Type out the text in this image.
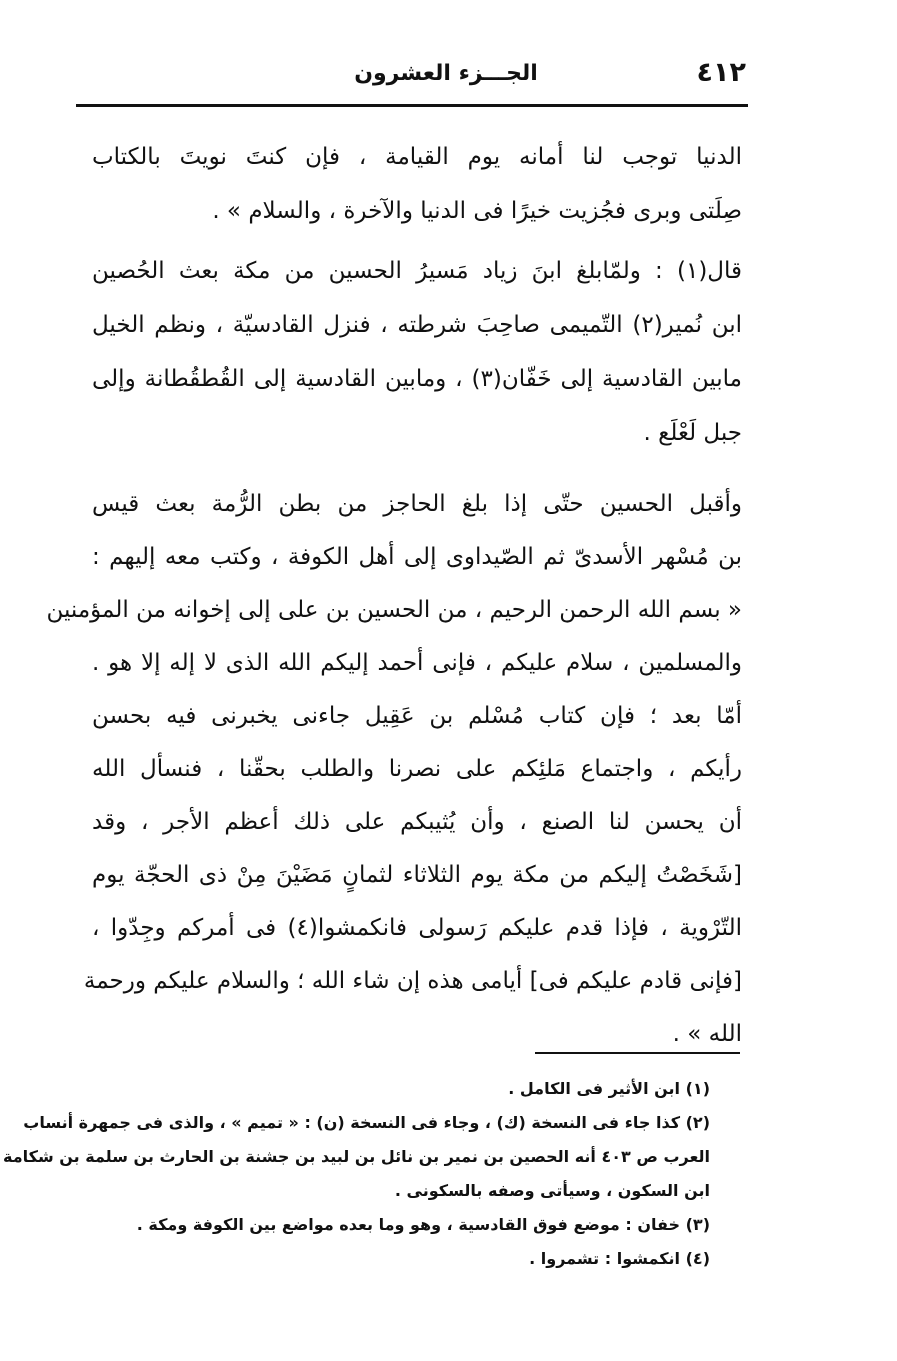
٤١٢
الجـــزء العشرون
الدنيا توجب لنا أمانه يوم القيامة ، فإن كنتَ نويتَ بالكتاب
صِلَتى وبرى فجُزيت خيرًا فى الدنيا والآخرة ، والسلام » .
قال(١) : ولمّابلغ ابنَ زياد مَسيرُ الحسين من مكة بعث الحُصين
ابن نُمير(٢) التّميمى صاحِبَ شرطته ، فنزل القادسيّة ، ونظم الخيل
مابين القادسية إلى خَفّان(٣) ، ومابين القادسية إلى القُطقُطانة وإلى
جبل لَعْلَع .
وأقبل الحسين حتّى إذا بلغ الحاجز من بطن الرُّمة بعث قيس
بن مُسْهر الأسدىّ ثم الصّيداوى إلى أهل الكوفة ، وكتب معه إليهم :
« بسم الله الرحمن الرحيم ، من الحسين بن على إلى إخوانه من المؤمنين
والمسلمين ، سلام عليكم ، فإنى أحمد إليكم الله الذى لا إله إلا هو .
أمّا بعد ؛ فإن كتاب مُسْلم بن عَقِيل جاءنى يخبرنى فيه بحسن
رأيكم ، واجتماع مَلئِكم على نصرنا والطلب بحقّنا ، فنسأل الله
أن يحسن لنا الصنع ، وأن يُثيبكم على ذلك أعظم الأجر ، وقد
[شَخَصْتُ إليكم من مكة يوم الثلاثاء لثمانٍ مَضَيْنَ مِنْ ذى الحجّة يوم
التّرْوية ، فإذا قدم عليكم رَسولى فانكمشوا(٤) فى أمركم وجِدّوا ،
[فإنى قادم عليكم فى] أيامى هذه إن شاء الله ؛ والسلام عليكم ورحمة
الله » .
(١) ابن الأثير فى الكامل .
(٢) كذا جاء فى النسخة (ك) ، وجاء فى النسخة (ن) : « تميم » ، والذى فى جمهرة أنساب
العرب ص ٤٠٣ أنه الحصين بن نمير بن نائل بن لبيد بن جشنة بن الحارث بن سلمة بن شكامة
ابن السكون ، وسيأتى وصفه بالسكونى .
(٣) خفان : موضع فوق القادسية ، وهو وما بعده مواضع بين الكوفة ومكة .
(٤) انكمشوا : تشمروا .
